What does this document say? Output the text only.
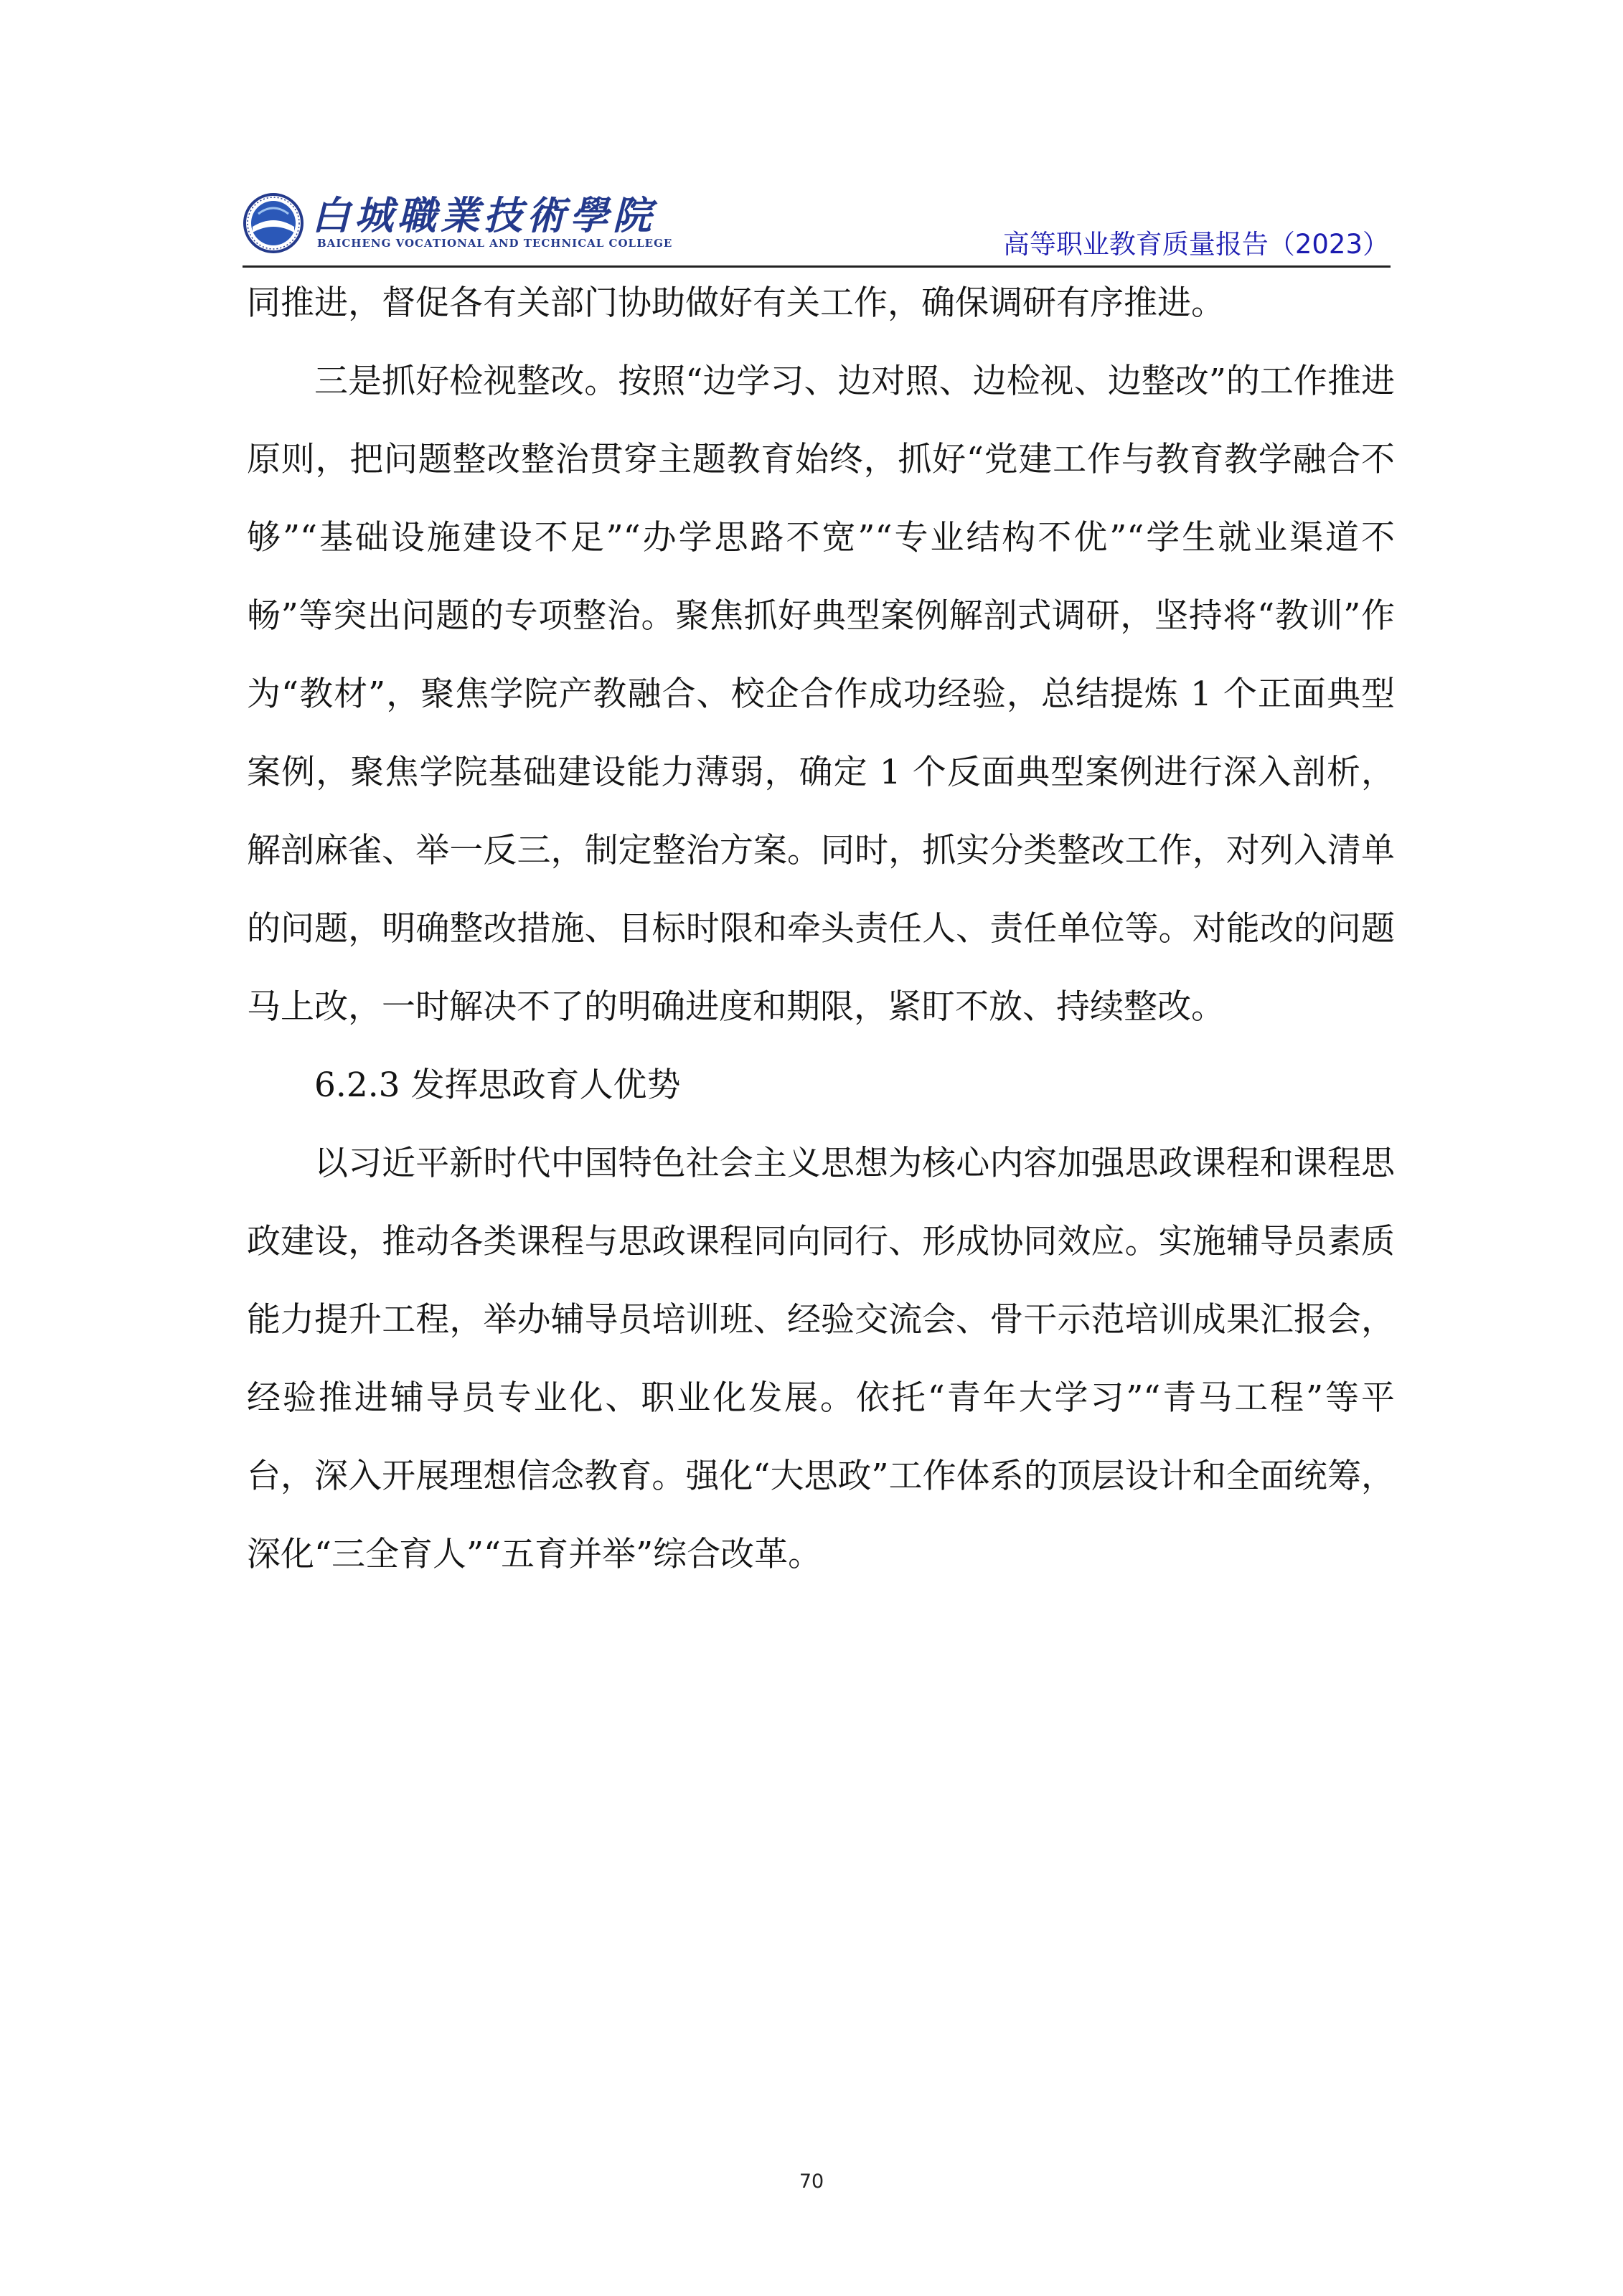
白城職業技術學院
BAICHENG VOCATIONAL AND TECHNICAL COLLEGE	高等职业教育质量报告（2023）

同推进，督促各有关部门协助做好有关工作，确保调研有序推进。

三是抓好检视整改。按照“边学习、边对照、边检视、边整改”的工作推进原则，把问题整改整治贯穿主题教育始终，抓好“党建工作与教育教学融合不够”“基础设施建设不足”“办学思路不宽”“专业结构不优”“学生就业渠道不畅”等突出问题的专项整治。聚焦抓好典型案例解剖式调研，坚持将“教训”作为“教材”，聚焦学院产教融合、校企合作成功经验，总结提炼 1 个正面典型案例，聚焦学院基础建设能力薄弱，确定 1 个反面典型案例进行深入剖析，解剖麻雀、举一反三，制定整治方案。同时，抓实分类整改工作，对列入清单的问题，明确整改措施、目标时限和牵头责任人、责任单位等。对能改的问题马上改，一时解决不了的明确进度和期限，紧盯不放、持续整改。

6.2.3 发挥思政育人优势

以习近平新时代中国特色社会主义思想为核心内容加强思政课程和课程思政建设，推动各类课程与思政课程同向同行、形成协同效应。实施辅导员素质能力提升工程，举办辅导员培训班、经验交流会、骨干示范培训成果汇报会，经验推进辅导员专业化、职业化发展。依托“青年大学习”“青马工程”等平台，深入开展理想信念教育。强化“大思政”工作体系的顶层设计和全面统筹，深化“三全育人”“五育并举”综合改革。

70
